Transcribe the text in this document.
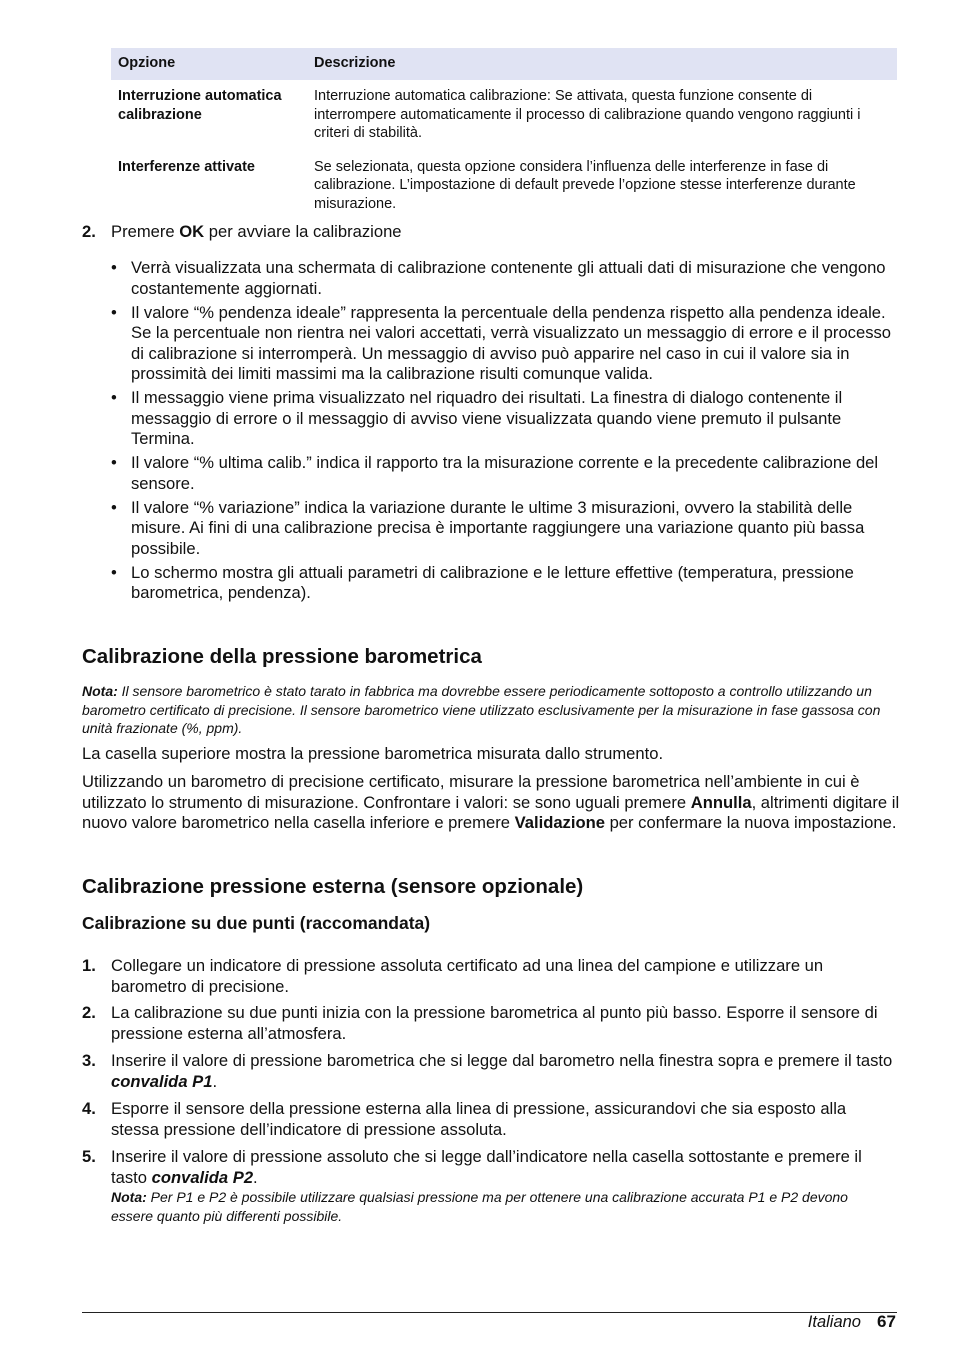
Opzione	Descrizione
Interruzione automatica calibrazione	Interruzione automatica calibrazione: Se attivata, questa funzione consente di interrompere automaticamente il processo di calibrazione quando vengono raggiunti i criteri di stabilità.
Interferenze attivate	Se selezionata, questa opzione considera l’influenza delle interferenze in fase di calibrazione. L’impostazione di default prevede l’opzione stesse interferenze durante misurazione.
2. Premere OK per avviare la calibrazione
• Verrà visualizzata una schermata di calibrazione contenente gli attuali dati di misurazione che vengono costantemente aggiornati.
• Il valore “% pendenza ideale” rappresenta la percentuale della pendenza rispetto alla pendenza ideale. Se la percentuale non rientra nei valori accettati, verrà visualizzato un messaggio di errore e il processo di calibrazione si interromperà. Un messaggio di avviso può apparire nel caso in cui il valore sia in prossimità dei limiti massimi ma la calibrazione risulti comunque valida.
• Il messaggio viene prima visualizzato nel riquadro dei risultati. La finestra di dialogo contenente il messaggio di errore o il messaggio di avviso viene visualizzata quando viene premuto il pulsante Termina.
• Il valore “% ultima calib.” indica il rapporto tra la misurazione corrente e la precedente calibrazione del sensore.
• Il valore “% variazione” indica la variazione durante le ultime 3 misurazioni, ovvero la stabilità delle misure. Ai fini di una calibrazione precisa è importante raggiungere una variazione quanto più bassa possibile.
• Lo schermo mostra gli attuali parametri di calibrazione e le letture effettive (temperatura, pressione barometrica, pendenza).
Calibrazione della pressione barometrica
Nota: Il sensore barometrico è stato tarato in fabbrica ma dovrebbe essere periodicamente sottoposto a controllo utilizzando un barometro certificato di precisione. Il sensore barometrico viene utilizzato esclusivamente per la misurazione in fase gassosa con unità frazionate (%, ppm).
La casella superiore mostra la pressione barometrica misurata dallo strumento.
Utilizzando un barometro di precisione certificato, misurare la pressione barometrica nell’ambiente in cui è utilizzato lo strumento di misurazione. Confrontare i valori: se sono uguali premere Annulla, altrimenti digitare il nuovo valore barometrico nella casella inferiore e premere Validazione per confermare la nuova impostazione.
Calibrazione pressione esterna (sensore opzionale)
Calibrazione su due punti (raccomandata)
1. Collegare un indicatore di pressione assoluta certificato ad una linea del campione e utilizzare un barometro di precisione.
2. La calibrazione su due punti inizia con la pressione barometrica al punto più basso. Esporre il sensore di pressione esterna all’atmosfera.
3. Inserire il valore di pressione barometrica che si legge dal barometro nella finestra sopra e premere il tasto convalida P1.
4. Esporre il sensore della pressione esterna alla linea di pressione, assicurandovi che sia esposto alla stessa pressione dell’indicatore di pressione assoluta.
5. Inserire il valore di pressione assoluto che si legge dall’indicatore nella casella sottostante e premere il tasto convalida P2.
Nota: Per P1 e P2 è possibile utilizzare qualsiasi pressione ma per ottenere una calibrazione accurata P1 e P2 devono essere quanto più differenti possibile.
Italiano 67
